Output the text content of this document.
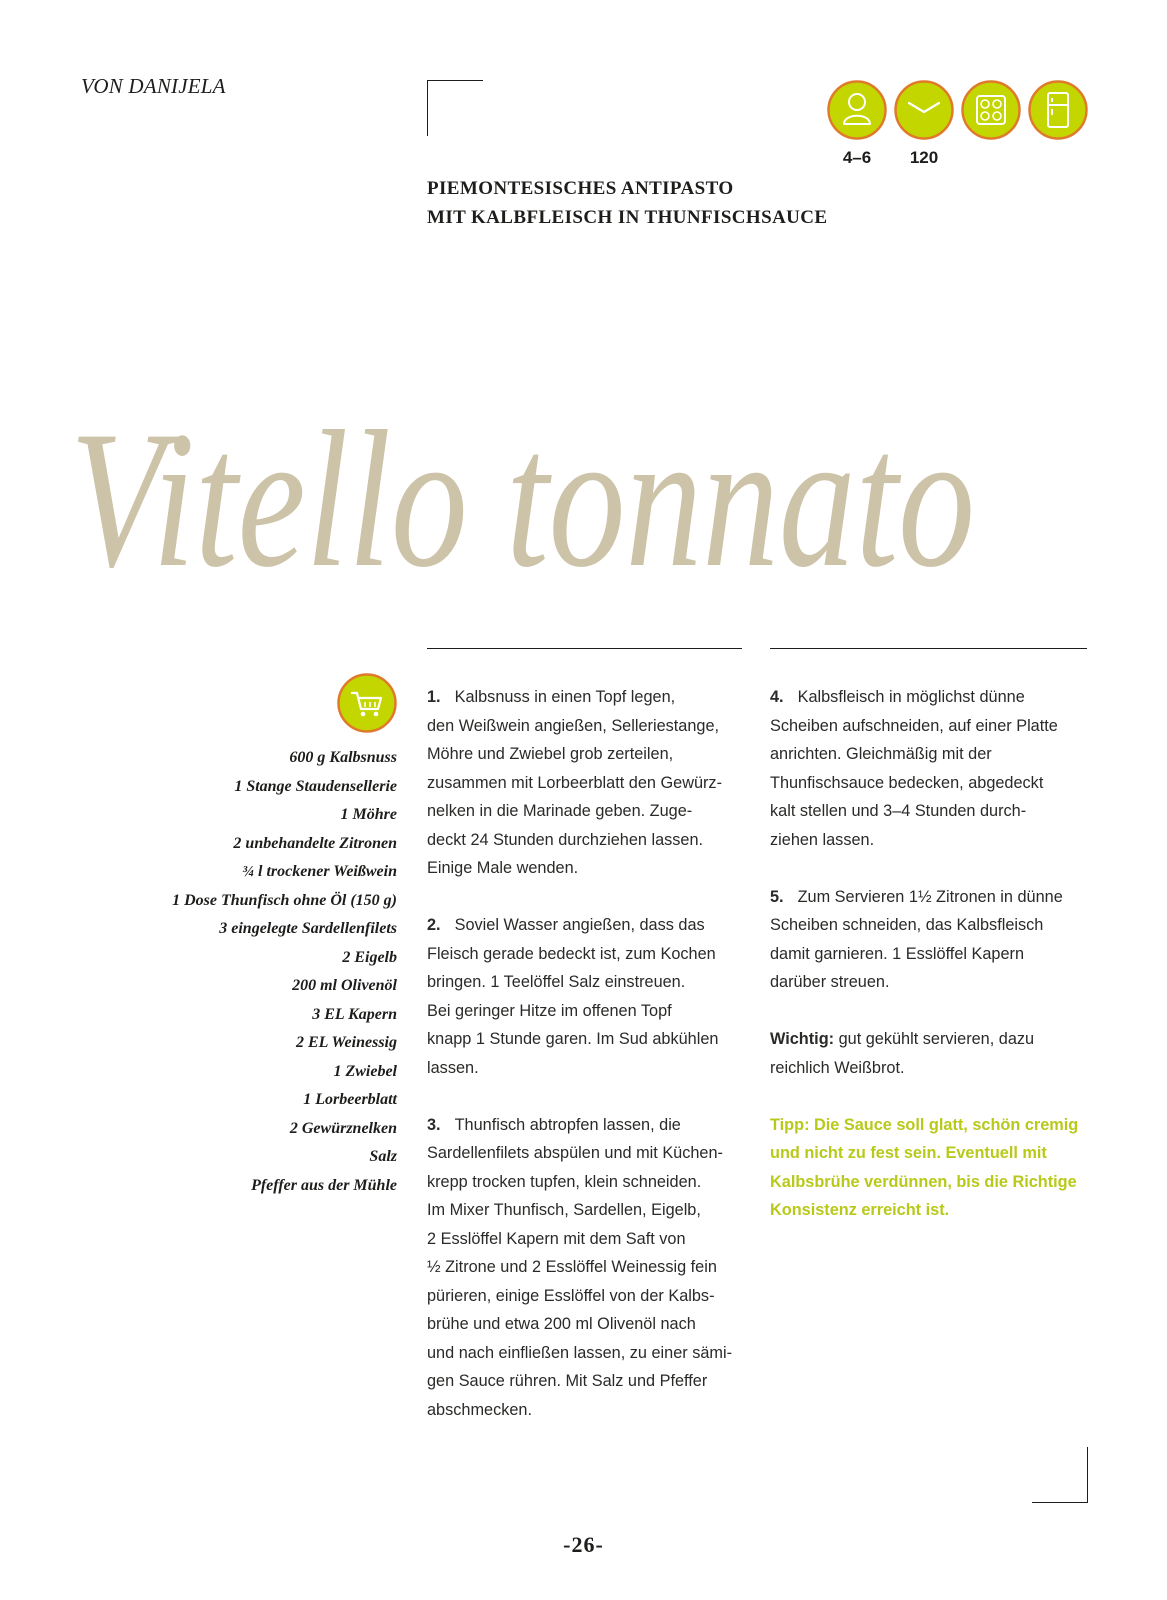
VON DANIJELA
4–6	120
PIEMONTESISCHES ANTIPASTO
MIT KALBFLEISCH IN THUNFISCHSAUCE
Vitello tonnato
600 g Kalbsnuss
1 Stange Staudensellerie
1 Möhre
2 unbehandelte Zitronen
¾ l trockener Weißwein
1 Dose Thunfisch ohne Öl (150 g)
3 eingelegte Sardellenfilets
2 Eigelb
200 ml Olivenöl
3 EL Kapern
2 EL Weinessig
1 Zwiebel
1 Lorbeerblatt
2 Gewürznelken
Salz
Pfeffer aus der Mühle

1. Kalbsnuss in einen Topf legen,
den Weißwein angießen, Selleriestange,
Möhre und Zwiebel grob zerteilen,
zusammen mit Lorbeerblatt den Gewürz-
nelken in die Marinade geben. Zuge-
deckt 24 Stunden durchziehen lassen.
Einige Male wenden.

2. Soviel Wasser angießen, dass das
Fleisch gerade bedeckt ist, zum Kochen
bringen. 1 Teelöffel Salz einstreuen.
Bei geringer Hitze im offenen Topf
knapp 1 Stunde garen. Im Sud abkühlen
lassen.

3. Thunfisch abtropfen lassen, die
Sardellenfilets abspülen und mit Küchen-
krepp trocken tupfen, klein schneiden.
Im Mixer Thunfisch, Sardellen, Eigelb,
2 Esslöffel Kapern mit dem Saft von
½ Zitrone und 2 Esslöffel Weinessig fein
pürieren, einige Esslöffel von der Kalbs-
brühe und etwa 200 ml Olivenöl nach
und nach einfließen lassen, zu einer sämi-
gen Sauce rühren. Mit Salz und Pfeffer
abschmecken.

4. Kalbsfleisch in möglichst dünne
Scheiben aufschneiden, auf einer Platte
anrichten. Gleichmäßig mit der
Thunfischsauce bedecken, abgedeckt
kalt stellen und 3–4 Stunden durch-
ziehen lassen.

5. Zum Servieren 1½ Zitronen in dünne
Scheiben schneiden, das Kalbsfleisch
damit garnieren. 1 Esslöffel Kapern
darüber streuen.

Wichtig: gut gekühlt servieren, dazu
reichlich Weißbrot.

Tipp: Die Sauce soll glatt, schön cremig
und nicht zu fest sein. Eventuell mit
Kalbsbrühe verdünnen, bis die Richtige
Konsistenz erreicht ist.

-26-
